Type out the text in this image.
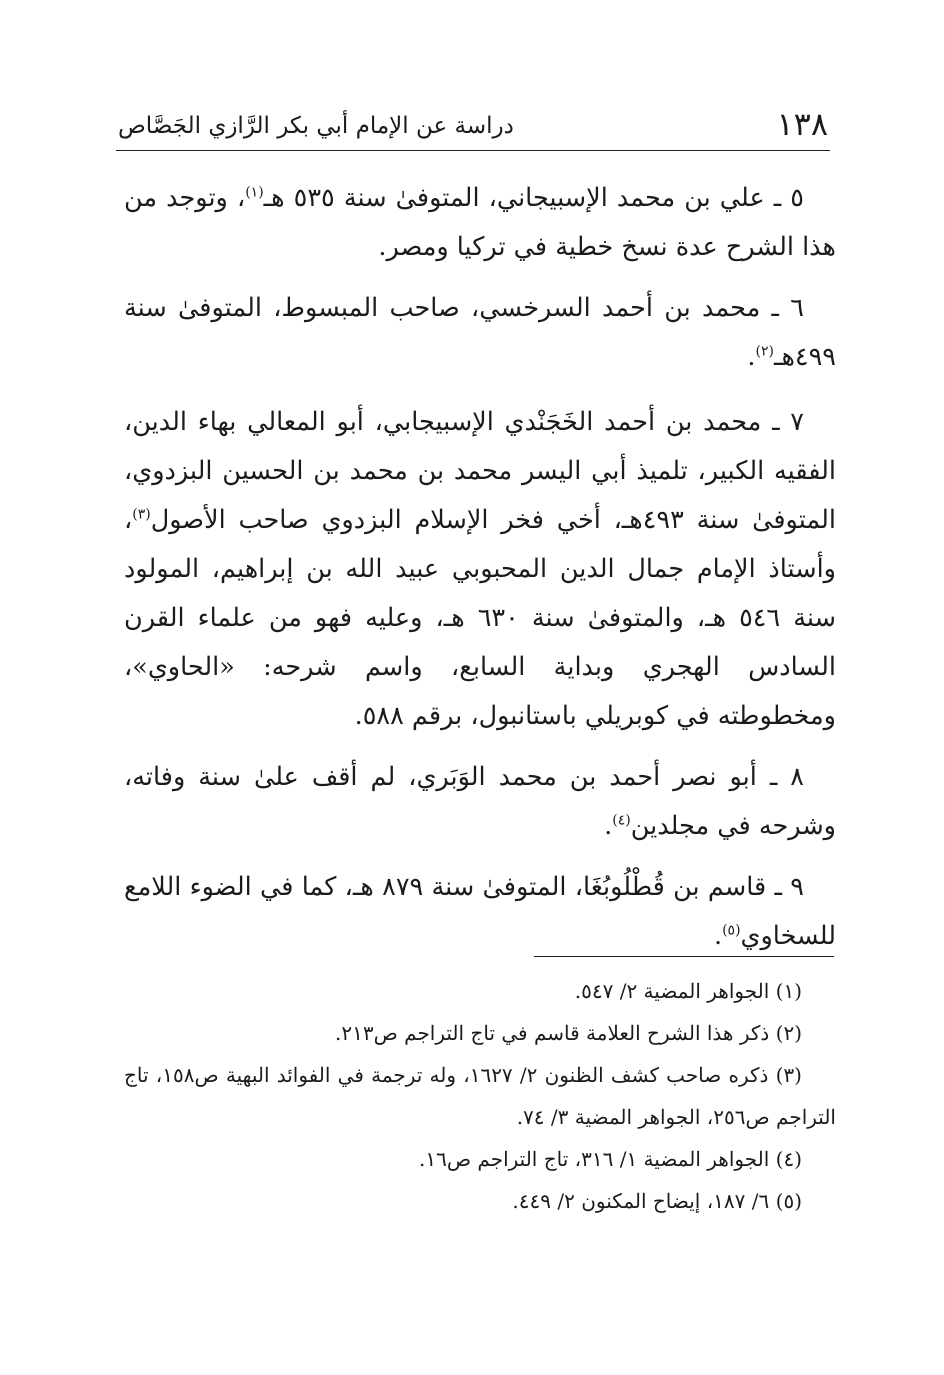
١٣٨
دراسة عن الإمام أبي بكر الرَّازي الجَصَّاص

٥ ـ علي بن محمد الإسبيجاني، المتوفىٰ سنة ٥٣٥ هـ$^{(١)}$، وتوجد من هذا الشرح عدة نسخ خطية في تركيا ومصر.

٦ ـ محمد بن أحمد السرخسي، صاحب المبسوط، المتوفىٰ سنة ٤٩٩هـ$^{(٢)}$.

٧ ـ محمد بن أحمد الخَجَنْدي الإسبيجابي، أبو المعالي بهاء الدين، الفقيه الكبير، تلميذ أبي اليسر محمد بن محمد بن الحسين البزدوي، المتوفىٰ سنة ٤٩٣هـ، أخي فخر الإسلام البزدوي صاحب الأصول$^{(٣)}$، وأستاذ الإمام جمال الدين المحبوبي عبيد الله بن إبراهيم، المولود سنة ٥٤٦ هـ، والمتوفىٰ سنة ٦٣٠ هـ، وعليه فهو من علماء القرن السادس الهجري وبداية السابع، واسم شرحه: «الحاوي»، ومخطوطته في كوبريلي باستانبول، برقم ٥٨٨.

٨ ـ أبو نصر أحمد بن محمد الوَبَري، لم أقف علىٰ سنة وفاته، وشرحه في مجلدين$^{(٤)}$.

٩ ـ قاسم بن قُطْلُوبُغَا، المتوفىٰ سنة ٨٧٩ هـ، كما في الضوء اللامع للسخاوي$^{(٥)}$.

(١) الجواهر المضية ٢/ ٥٤٧.

(٢) ذكر هذا الشرح العلامة قاسم في تاج التراجم ص٢١٣.

(٣) ذكره صاحب كشف الظنون ٢/ ١٦٢٧، وله ترجمة في الفوائد البهية ص١٥٨، تاج التراجم ص٢٥٦، الجواهر المضية ٣/ ٧٤.

(٤) الجواهر المضية ١/ ٣١٦، تاج التراجم ص١٦.

(٥) ٦/ ١٨٧، إيضاح المكنون ٢/ ٤٤٩.
